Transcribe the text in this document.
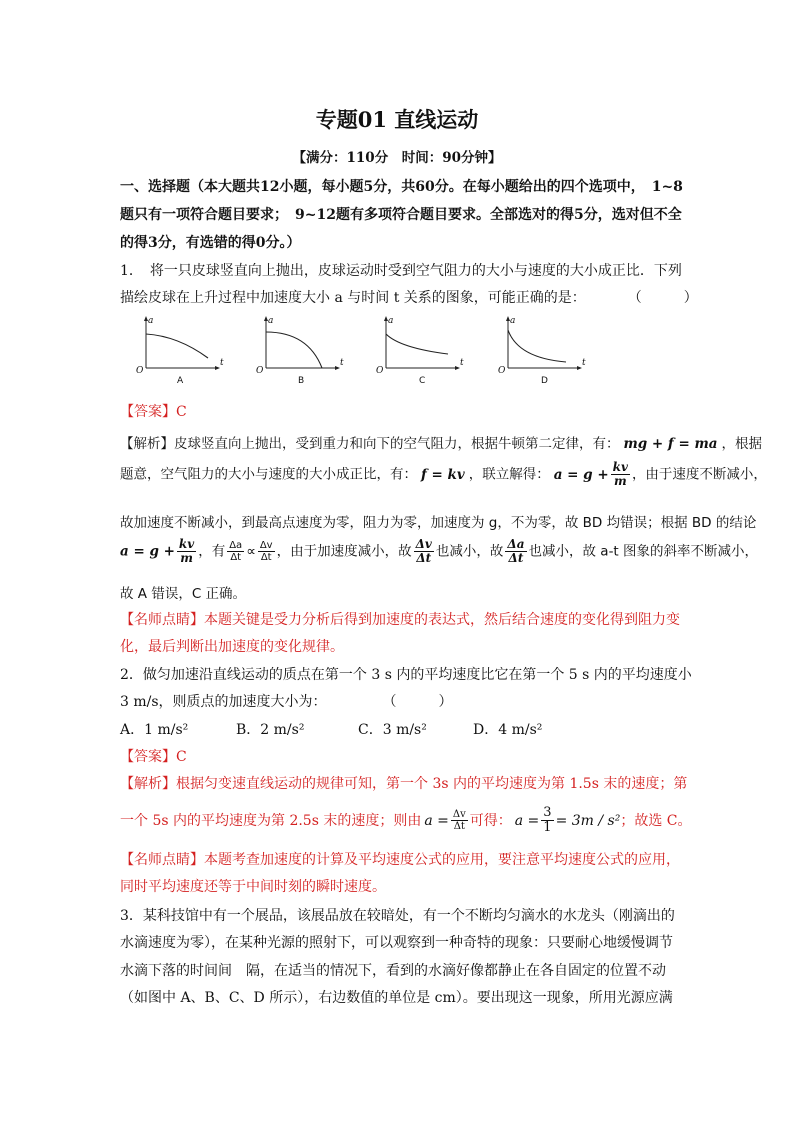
专题01 直线运动
【满分：110分　时间：90分钟】
一、选择题（本大题共12小题，每小题5分，共60分。在每小题给出的四个选项中，　1~8
题只有一项符合题目要求；　9~12题有多项符合题目要求。全部选对的得5分，选对但不全
的得3分，有选错的得0分。）
1．　将一只皮球竖直向上抛出，皮球运动时受到空气阻力的大小与速度的大小成正比．下列
描绘皮球在上升过程中加速度大小 a 与时间 t 关系的图象，可能正确的是：　　　　（　　　）
a
t
O
A
a
t
O
B
a
t
O
C
a
t
O
D
【答案】C
【解析】皮球竖直向上抛出，受到重力和向下的空气阻力，根据牛顿第二定律，有： mg + f = ma ，根据
题意，空气阻力的大小与速度的大小成正比，有： f = kv ，联立解得： $a = g + \frac{kv}{m}$ ，由于速度不断减小，
故加速度不断减小，到最高点速度为零，阻力为零，加速度为 g，不为零，故 BD 均错误；根据 BD 的结论
$a = g + \frac{kv}{m}$ ，有 $\frac{\Delta a}{\Delta t} \propto \frac{\Delta v}{\Delta t}$ ，由于加速度减小，故 $\frac{\Delta v}{\Delta t}$ 也减小，故 $\frac{\Delta a}{\Delta t}$ 也减小，故 a-t 图象的斜率不断减小，
故 A 错误，C 正确。
【名师点睛】本题关键是受力分析后得到加速度的表达式，然后结合速度的变化得到阻力变
化，最后判断出加速度的变化规律。
2．做匀加速沿直线运动的质点在第一个 3 s 内的平均速度比它在第一个 5 s 内的平均速度小
3 m/s，则质点的加速度大小为：　　　　　（　　　）
A．1 m/s²	B．2 m/s²	C．3 m/s²	D．4 m/s²
【答案】C
【解析】根据匀变速直线运动的规律可知，第一个 3s 内的平均速度为第 1.5s 末的速度；第
一个 5s 内的平均速度为第 2.5s 末的速度；则由 $a = \frac{\Delta v}{\Delta t}$ 可得： $a = \frac{3}{1} = 3m / s^2$；故选 C。
【名师点睛】本题考查加速度的计算及平均速度公式的应用，要注意平均速度公式的应用，
同时平均速度还等于中间时刻的瞬时速度。
3．某科技馆中有一个展品，该展品放在较暗处，有一个不断均匀滴水的水龙头（刚滴出的
水滴速度为零），在某种光源的照射下，可以观察到一种奇特的现象：只要耐心地缓慢调节
水滴下落的时间间　隔，在适当的情况下，看到的水滴好像都静止在各自固定的位置不动
（如图中 A、B、C、D 所示），右边数值的单位是 cm）。要出现这一现象，所用光源应满
